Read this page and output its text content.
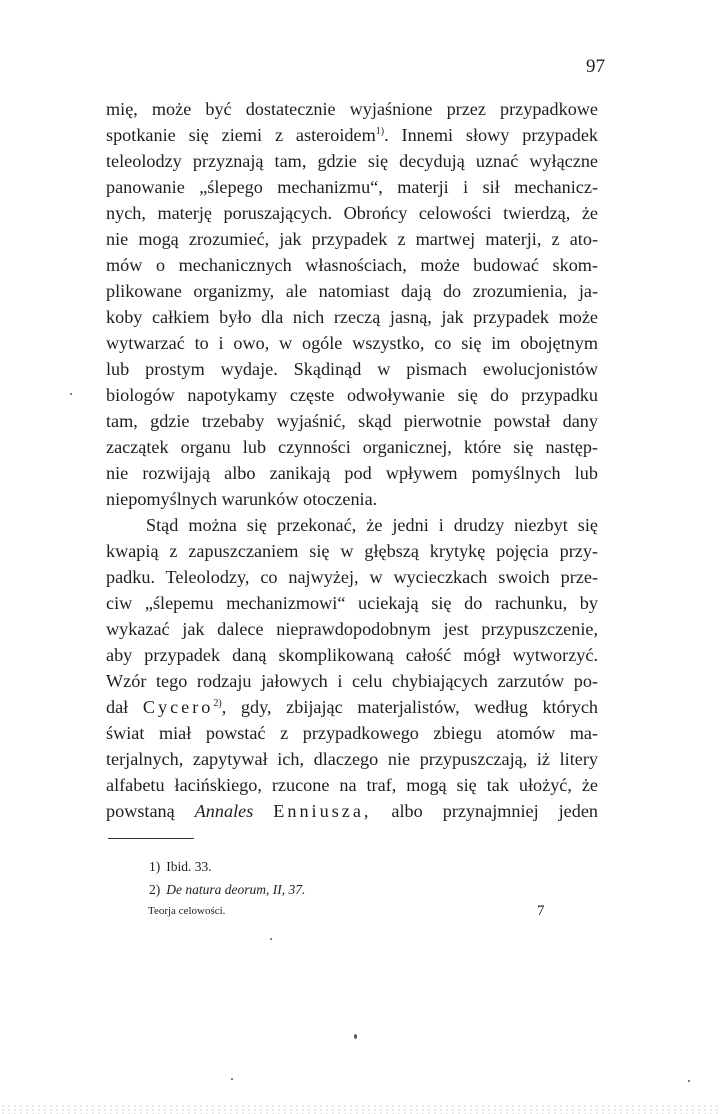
97
mię, może być dostatecznie wyjaśnione przez przypadkowe
spotkanie się ziemi z asteroidem$^{1)}$. Innemi słowy przypadek
teleolodzy przyznają tam, gdzie się decydują uznać wyłączne
panowanie „ślepego mechanizmu“, materji i sił mechanicz-
nych, materję poruszających. Obrońcy celowości twierdzą, że
nie mogą zrozumieć, jak przypadek z martwej materji, z ato-
mów o mechanicznych własnościach, może budować skom-
plikowane organizmy, ale natomiast dają do zrozumienia, ja-
koby całkiem było dla nich rzeczą jasną, jak przypadek może
wytwarzać to i owo, w ogóle wszystko, co się im obojętnym
lub prostym wydaje. Skądinąd w pismach ewolucjonistów
biologów napotykamy częste odwoływanie się do przypadku
tam, gdzie trzebaby wyjaśnić, skąd pierwotnie powstał dany
zaczątek organu lub czynności organicznej, które się następ-
nie rozwijają albo zanikają pod wpływem pomyślnych lub
niepomyślnych warunków otoczenia.
Stąd można się przekonać, że jedni i drudzy niezbyt się
kwapią z zapuszczaniem się w głębszą krytykę pojęcia przy-
padku. Teleolodzy, co najwyżej, w wycieczkach swoich prze-
ciw „ślepemu mechanizmowi“ uciekają się do rachunku, by
wykazać jak dalece nieprawdopodobnym jest przypuszczenie,
aby przypadek daną skomplikowaną całość mógł wytworzyć.
Wzór tego rodzaju jałowych i celu chybiających zarzutów po-
dał Cycero$^{2)}$, gdy, zbijając materjalistów, według których
świat miał powstać z przypadkowego zbiegu atomów ma-
terjalnych, zapytywał ich, dlaczego nie przypuszczają, iż litery
alfabetu łacińskiego, rzucone na traf, mogą się tak ułożyć, że
powstaną Annales Enniusza, albo przynajmniej jeden
1) Ibid. 33.
2) De natura deorum, II, 37.
Teorja celowości.	7
